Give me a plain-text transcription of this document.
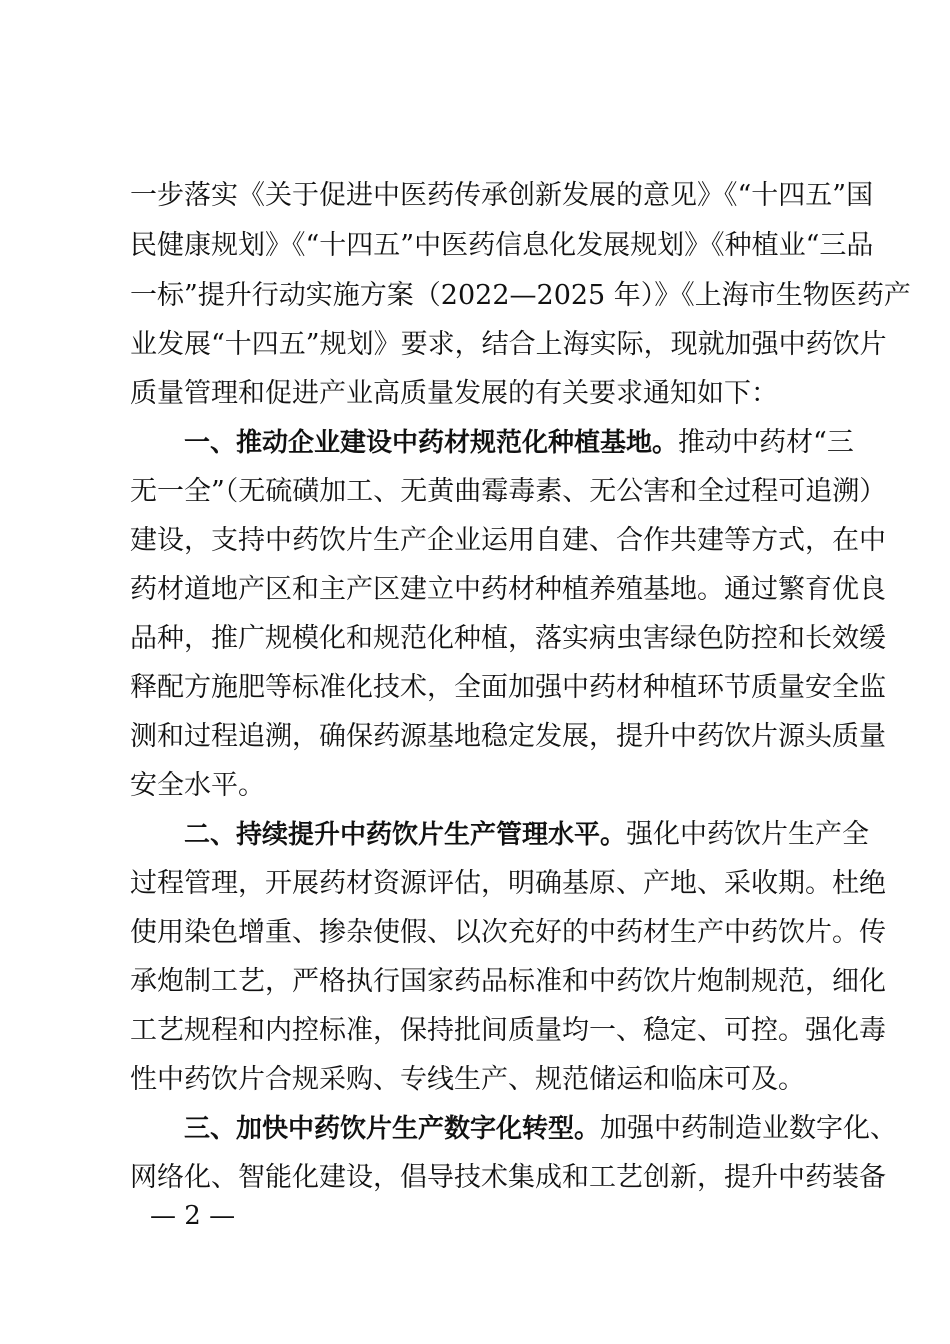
一步落实《关于促进中医药传承创新发展的意见》《“十四五”国
民健康规划》《“十四五”中医药信息化发展规划》《种植业“三品
一标”提升行动实施方案（2022—2025 年）》《上海市生物医药产
业发展“十四五”规划》要求，结合上海实际，现就加强中药饮片
质量管理和促进产业高质量发展的有关要求通知如下：
一、推动企业建设中药材规范化种植基地。推动中药材“三
无一全”（无硫磺加工、无黄曲霉毒素、无公害和全过程可追溯）
建设，支持中药饮片生产企业运用自建、合作共建等方式，在中
药材道地产区和主产区建立中药材种植养殖基地。通过繁育优良
品种，推广规模化和规范化种植，落实病虫害绿色防控和长效缓
释配方施肥等标准化技术，全面加强中药材种植环节质量安全监
测和过程追溯，确保药源基地稳定发展，提升中药饮片源头质量
安全水平。
二、持续提升中药饮片生产管理水平。强化中药饮片生产全
过程管理，开展药材资源评估，明确基原、产地、采收期。杜绝
使用染色增重、掺杂使假、以次充好的中药材生产中药饮片。传
承炮制工艺，严格执行国家药品标准和中药饮片炮制规范，细化
工艺规程和内控标准，保持批间质量均一、稳定、可控。强化毒
性中药饮片合规采购、专线生产、规范储运和临床可及。
三、加快中药饮片生产数字化转型。加强中药制造业数字化、
网络化、智能化建设，倡导技术集成和工艺创新，提升中药装备
— 2 —
